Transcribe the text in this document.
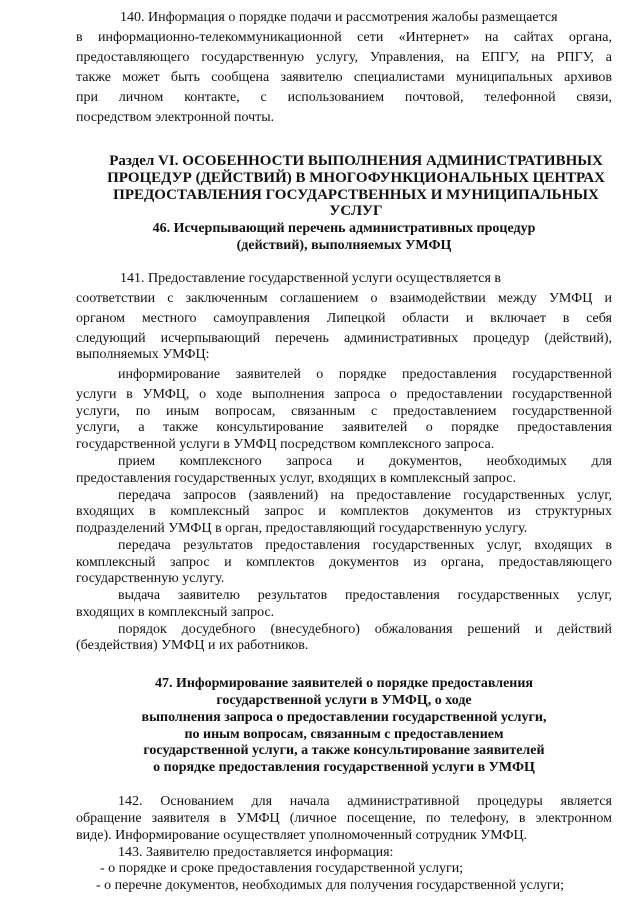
140. Информация о порядке подачи и рассмотрения жалобы размещается
в информационно-телекоммуникационной сети «Интернет» на сайтах органа,
предоставляющего государственную услугу, Управления, на ЕПГУ, на РПГУ, а
также может быть сообщена заявителю специалистами муниципальных архивов
при личном контакте, с использованием почтовой, телефонной связи,
посредством электронной почты.
Раздел VI. ОСОБЕННОСТИ ВЫПОЛНЕНИЯ АДМИНИСТРАТИВНЫХ
ПРОЦЕДУР (ДЕЙСТВИЙ) В МНОГОФУНКЦИОНАЛЬНЫХ ЦЕНТРАХ
ПРЕДОСТАВЛЕНИЯ ГОСУДАРСТВЕННЫХ И МУНИЦИПАЛЬНЫХ
УСЛУГ
46. Исчерпывающий перечень административных процедур
(действий), выполняемых УМФЦ
141. Предоставление государственной услуги осуществляется в
соответствии с заключенным соглашением о взаимодействии между УМФЦ и
органом местного самоуправления Липецкой области и включает в себя
следующий исчерпывающий перечень административных процедур (действий),
выполняемых УМФЦ:
информирование заявителей о порядке предоставления государственной
услуги в УМФЦ, о ходе выполнения запроса о предоставлении государственной
услуги, по иным вопросам, связанным с предоставлением государственной
услуги, а также консультирование заявителей о порядке предоставления
государственной услуги в УМФЦ посредством комплексного запроса.
прием комплексного запроса и документов, необходимых для
предоставления государственных услуг, входящих в комплексный запрос.
передача запросов (заявлений) на предоставление государственных услуг,
входящих в комплексный запрос и комплектов документов из структурных
подразделений УМФЦ в орган, предоставляющий государственную услугу.
передача результатов предоставления государственных услуг, входящих в
комплексный запрос и комплектов документов из органа, предоставляющего
государственную услугу.
выдача заявителю результатов предоставления государственных услуг,
входящих в комплексный запрос.
порядок досудебного (внесудебного) обжалования решений и действий
(бездействия) УМФЦ и их работников.
47. Информирование заявителей о порядке предоставления
государственной услуги в УМФЦ, о ходе
выполнения запроса о предоставлении государственной услуги,
по иным вопросам, связанным с предоставлением
государственной услуги, а также консультирование заявителей
о порядке предоставления государственной услуги в УМФЦ
142. Основанием для начала административной процедуры является
обращение заявителя в УМФЦ (личное посещение, по телефону, в электронном
виде). Информирование осуществляет уполномоченный сотрудник УМФЦ.
143. Заявителю предоставляется информация:
- о порядке и сроке предоставления государственной услуги;
- о перечне документов, необходимых для получения государственной услуги;
